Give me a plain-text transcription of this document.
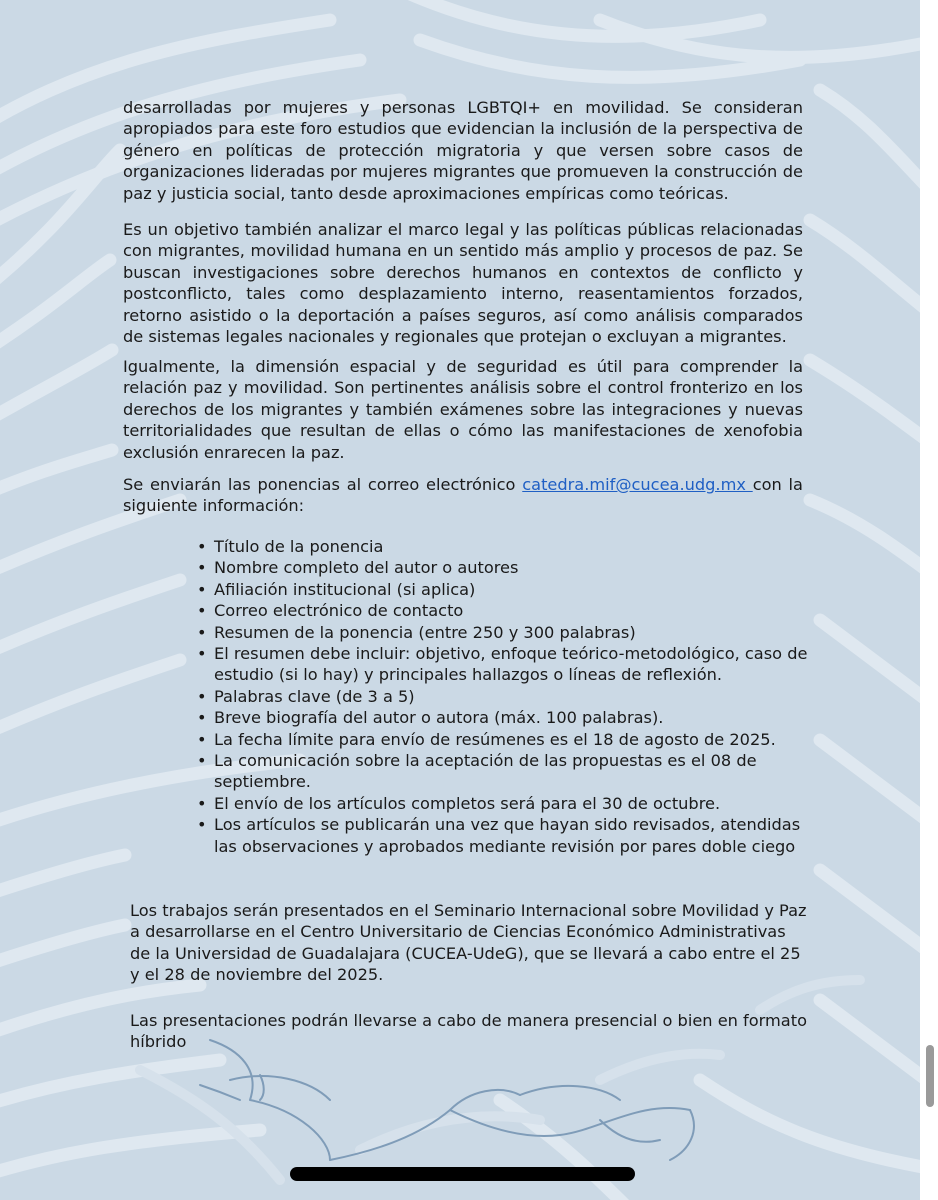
desarrolladas por mujeres y personas LGBTQI+ en movilidad. Se consideran apropiados para este foro estudios que evidencian la inclusión de la perspectiva de género en políticas de protección migratoria y que versen sobre casos de organizaciones lideradas por mujeres migrantes que promueven la construcción de paz y justicia social, tanto desde aproximaciones empíricas como teóricas.
Es un objetivo también analizar el marco legal y las políticas públicas relacionadas con migrantes, movilidad humana en un sentido más amplio y procesos de paz. Se buscan investigaciones sobre derechos humanos en contextos de conflicto y postconflicto, tales como desplazamiento interno, reasentamientos forzados, retorno asistido o la deportación a países seguros, así como análisis comparados de sistemas legales nacionales y regionales que protejan o excluyan a migrantes.
Igualmente, la dimensión espacial y de seguridad es útil para comprender la relación paz y movilidad. Son pertinentes análisis sobre el control fronterizo en los derechos de los migrantes y también exámenes sobre las integraciones y nuevas territorialidades que resultan de ellas o cómo las manifestaciones de xenofobia exclusión enrarecen la paz.
Se enviarán las ponencias al correo electrónico catedra.mif@cucea.udg.mx con la siguiente información:
• Título de la ponencia
• Nombre completo del autor o autores
• Afiliación institucional (si aplica)
• Correo electrónico de contacto
• Resumen de la ponencia (entre 250 y 300 palabras)
• El resumen debe incluir: objetivo, enfoque teórico-metodológico, caso de estudio (si lo hay) y principales hallazgos o líneas de reflexión.
• Palabras clave (de 3 a 5)
• Breve biografía del autor o autora (máx. 100 palabras).
• La fecha límite para envío de resúmenes es el 18 de agosto de 2025.
• La comunicación sobre la aceptación de las propuestas es el 08 de septiembre.
• El envío de los artículos completos será para el 30 de octubre.
• Los artículos se publicarán una vez que hayan sido revisados, atendidas las observaciones y aprobados mediante revisión por pares doble ciego
Los trabajos serán presentados en el Seminario Internacional sobre Movilidad y Paz a desarrollarse en el Centro Universitario de Ciencias Económico Administrativas de la Universidad de Guadalajara (CUCEA-UdeG), que se llevará a cabo entre el 25 y el 28 de noviembre del 2025.
Las presentaciones podrán llevarse a cabo de manera presencial o bien en formato híbrido
